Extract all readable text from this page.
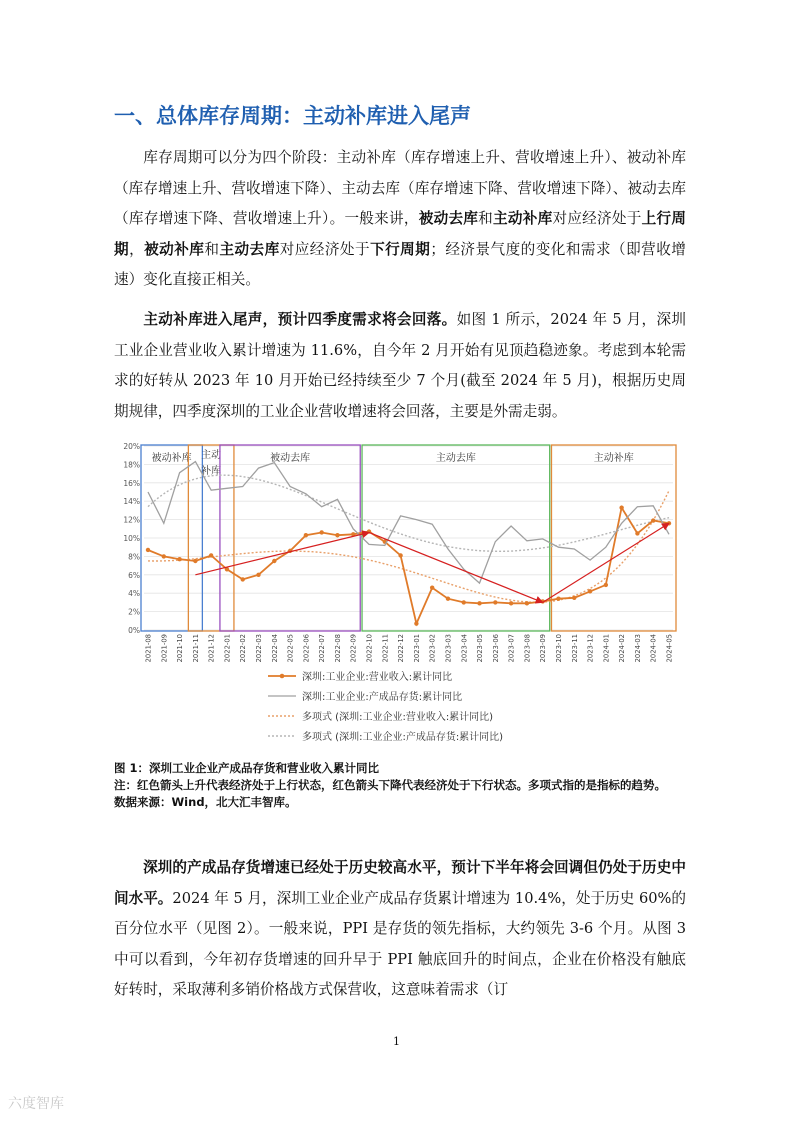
一、总体库存周期：主动补库进入尾声

库存周期可以分为四个阶段：主动补库（库存增速上升、营收增速上升）、被动补库（库存增速上升、营收增速下降）、主动去库（库存增速下降、营收增速下降）、被动去库（库存增速下降、营收增速上升）。一般来讲，被动去库和主动补库对应经济处于上行周期，被动补库和主动去库对应经济处于下行周期；经济景气度的变化和需求（即营收增速）变化直接正相关。

主动补库进入尾声，预计四季度需求将会回落。如图 1 所示，2024 年 5 月，深圳工业企业营业收入累计增速为 11.6%，自今年 2 月开始有见顶趋稳迹象。考虑到本轮需求的好转从 2023 年 10 月开始已经持续至少 7 个月(截至 2024 年 5 月)，根据历史周期规律，四季度深圳的工业企业营收增速将会回落，主要是外需走弱。

0%
2%
4%
6%
8%
10%
12%
14%
16%
18%
20%
被动补库 主动补库
被动去库	主动去库	主动补库
2021-08 2021-09 2021-10 2021-11 2021-12 2022-01 2022-02 2022-03 2022-04 2022-05 2022-06 2022-07 2022-08 2022-09 2022-10 2022-11 2022-12 2023-01 2023-02 2023-03 2023-04 2023-05 2023-06 2023-07 2023-08 2023-09 2023-10 2023-11 2023-12 2024-01 2024-02 2024-03 2024-04 2024-05
深圳:工业企业:营业收入:累计同比
深圳:工业企业:产成品存货:累计同比
多项式 (深圳:工业企业:营业收入:累计同比)
多项式 (深圳:工业企业:产成品存货:累计同比)

图 1：深圳工业企业产成品存货和营业收入累计同比

注：红色箭头上升代表经济处于上行状态，红色箭头下降代表经济处于下行状态。多项式指的是指标的趋势。

数据来源：Wind，北大汇丰智库。

深圳的产成品存货增速已经处于历史较高水平，预计下半年将会回调但仍处于历史中间水平。2024 年 5 月，深圳工业企业产成品存货累计增速为 10.4%，处于历史 60%的百分位水平（见图 2）。一般来说，PPI 是存货的领先指标，大约领先 3-6 个月。从图 3 中可以看到，今年初存货增速的回升早于 PPI 触底回升的时间点，企业在价格没有触底好转时，采取薄利多销价格战方式保营收，这意味着需求（订

1
六度智库
